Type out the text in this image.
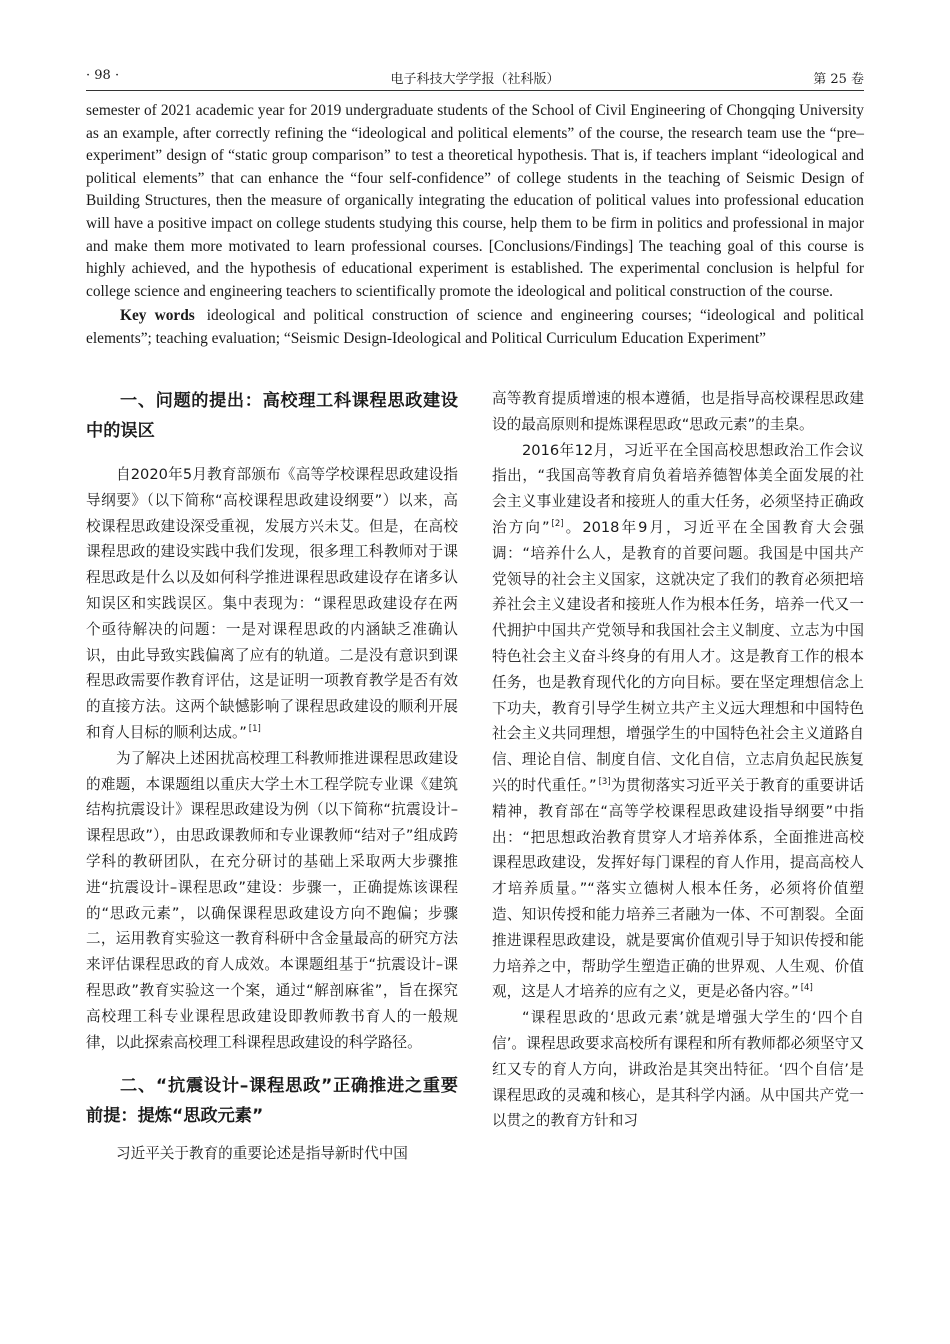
· 98 ·	电子科技大学学报（社科版）	第 25 卷

semester of 2021 academic year for 2019 undergraduate students of the School of Civil Engineering of Chongqing University as an example, after correctly refining the “ideological and political elements” of the course, the research team use the “pre–experiment” design of “static group comparison” to test a theoretical hypothesis. That is, if teachers implant “ideological and political elements” that can enhance the “four self-confidence” of college students in the teaching of Seismic Design of Building Structures, then the measure of organically integrating the education of political values into professional education will have a positive impact on college students studying this course, help them to be firm in politics and professional in major and make them more motivated to learn professional courses. [Conclusions/Findings] The teaching goal of this course is highly achieved, and the hypothesis of educational experiment is established. The experimental conclusion is helpful for college science and engineering teachers to scientifically promote the ideological and political construction of the course.

Key words ideological and political construction of science and engineering courses; “ideological and political elements”; teaching evaluation; “Seismic Design-Ideological and Political Curriculum Education Experiment”

一、问题的提出：高校理工科课程思政建设中的误区

自2020年5月教育部颁布《高等学校课程思政建设指导纲要》（以下简称“高校课程思政建设纲要”）以来，高校课程思政建设深受重视，发展方兴未艾。但是，在高校课程思政的建设实践中我们发现，很多理工科教师对于课程思政是什么以及如何科学推进课程思政建设存在诸多认知误区和实践误区。集中表现为：“课程思政建设存在两个亟待解决的问题：一是对课程思政的内涵缺乏准确认识，由此导致实践偏离了应有的轨道。二是没有意识到课程思政需要作教育评估，这是证明一项教育教学是否有效的直接方法。这两个缺憾影响了课程思政建设的顺利开展和育人目标的顺利达成。” [1]

为了解决上述困扰高校理工科教师推进课程思政建设的难题，本课题组以重庆大学土木工程学院专业课《建筑结构抗震设计》课程思政建设为例（以下简称“抗震设计–课程思政”），由思政课教师和专业课教师“结对子”组成跨学科的教研团队，在充分研讨的基础上采取两大步骤推进“抗震设计–课程思政”建设：步骤一，正确提炼该课程的“思政元素”，以确保课程思政建设方向不跑偏；步骤二，运用教育实验这一教育科研中含金量最高的研究方法来评估课程思政的育人成效。本课题组基于“抗震设计–课程思政”教育实验这一个案，通过“解剖麻雀”，旨在探究高校理工科专业课程思政建设即教师教书育人的一般规律，以此探索高校理工科课程思政建设的科学路径。

二、“抗震设计–课程思政”正确推进之重要前提：提炼“思政元素”

习近平关于教育的重要论述是指导新时代中国

高等教育提质增速的根本遵循，也是指导高校课程思政建设的最高原则和提炼课程思政“思政元素”的圭臬。

2016年12月，习近平在全国高校思想政治工作会议指出，“我国高等教育肩负着培养德智体美全面发展的社会主义事业建设者和接班人的重大任务，必须坚持正确政治方向” [2]。2018年9月，习近平在全国教育大会强调：“培养什么人，是教育的首要问题。我国是中国共产党领导的社会主义国家，这就决定了我们的教育必须把培养社会主义建设者和接班人作为根本任务，培养一代又一代拥护中国共产党领导和我国社会主义制度、立志为中国特色社会主义奋斗终身的有用人才。这是教育工作的根本任务，也是教育现代化的方向目标。要在坚定理想信念上下功夫，教育引导学生树立共产主义远大理想和中国特色社会主义共同理想，增强学生的中国特色社会主义道路自信、理论自信、制度自信、文化自信，立志肩负起民族复兴的时代重任。” [3]为贯彻落实习近平关于教育的重要讲话精神，教育部在“高等学校课程思政建设指导纲要”中指出：“把思想政治教育贯穿人才培养体系，全面推进高校课程思政建设，发挥好每门课程的育人作用，提高高校人才培养质量。”“落实立德树人根本任务，必须将价值塑造、知识传授和能力培养三者融为一体、不可割裂。全面推进课程思政建设，就是要寓价值观引导于知识传授和能力培养之中，帮助学生塑造正确的世界观、人生观、价值观，这是人才培养的应有之义，更是必备内容。” [4]

“课程思政的‘思政元素’就是增强大学生的‘四个自信’。课程思政要求高校所有课程和所有教师都必须坚守又红又专的育人方向，讲政治是其突出特征。‘四个自信’是课程思政的灵魂和核心，是其科学内涵。从中国共产党一以贯之的教育方针和习
